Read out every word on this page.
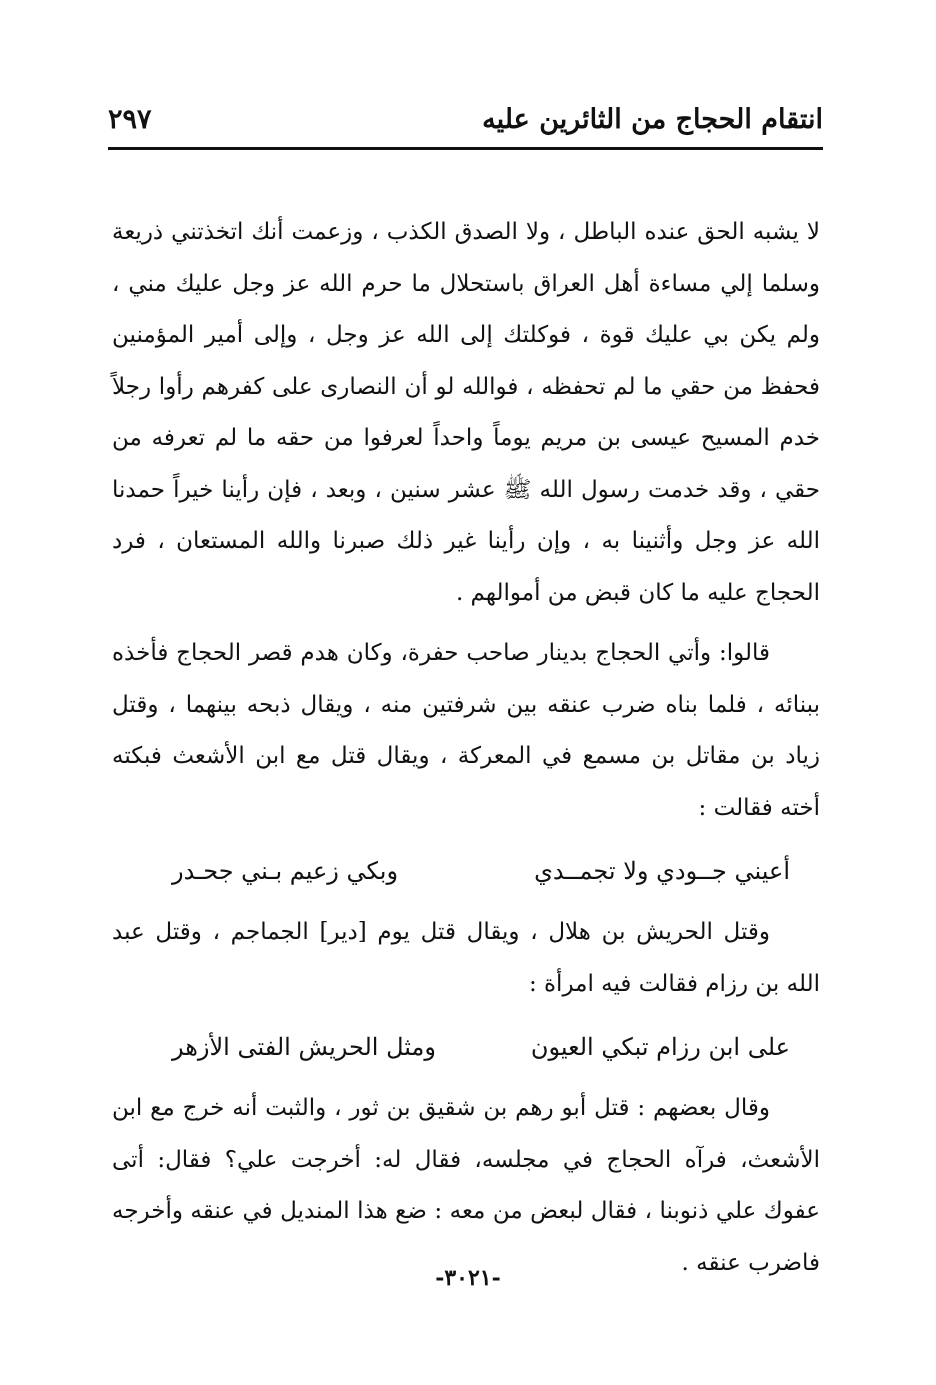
انتقام الحجاج من الثائرين عليه
٢٩٧

لا يشبه الحق عنده الباطل ، ولا الصدق الكذب ، وزعمت أنك اتخذتني ذريعة وسلما إلي مساءة أهل العراق باستحلال ما حرم الله عز وجل عليك مني ، ولم يكن بي عليك قوة ، فوكلتك إلى الله عز وجل ، وإلى أمير المؤمنين فحفظ من حقي ما لم تحفظه ، فوالله لو أن النصارى على كفرهم رأوا رجلاً خدم المسيح عيسى بن مريم يوماً واحداً لعرفوا من حقه ما لم تعرفه من حقي ، وقد خدمت رسول الله ﷺ عشر سنين ، وبعد ، فإن رأينا خيراً حمدنا الله عز وجل وأثنينا به ، وإن رأينا غير ذلك صبرنا والله المستعان ، فرد الحجاج عليه ما كان قبض من أموالهم .

قالوا: وأتي الحجاج بدينار صاحب حفرة، وكان هدم قصر الحجاج فأخذه ببنائه ، فلما بناه ضرب عنقه بين شرفتين منه ، ويقال ذبحه بينهما ، وقتل زياد بن مقاتل بن مسمع في المعركة ، ويقال قتل مع ابن الأشعث فبكته أخته فقالت :

أعيني جــودي ولا تجمــدي
وبكي زعيم بـني جحـدر

وقتل الحريش بن هلال ، ويقال قتل يوم [دير] الجماجم ، وقتل عبد الله بن رزام فقالت فيه امرأة :

على ابن رزام تبكي العيون
ومثل الحريش الفتى الأزهر

وقال بعضهم : قتل أبو رهم بن شقيق بن ثور ، والثبت أنه خرج مع ابن الأشعث، فرآه الحجاج في مجلسه، فقال له: أخرجت علي؟ فقال: أتى عفوك علي ذنوبنا ، فقال لبعض من معه : ضع هذا المنديل في عنقه وأخرجه فاضرب عنقه .

-٣٠٢١-
